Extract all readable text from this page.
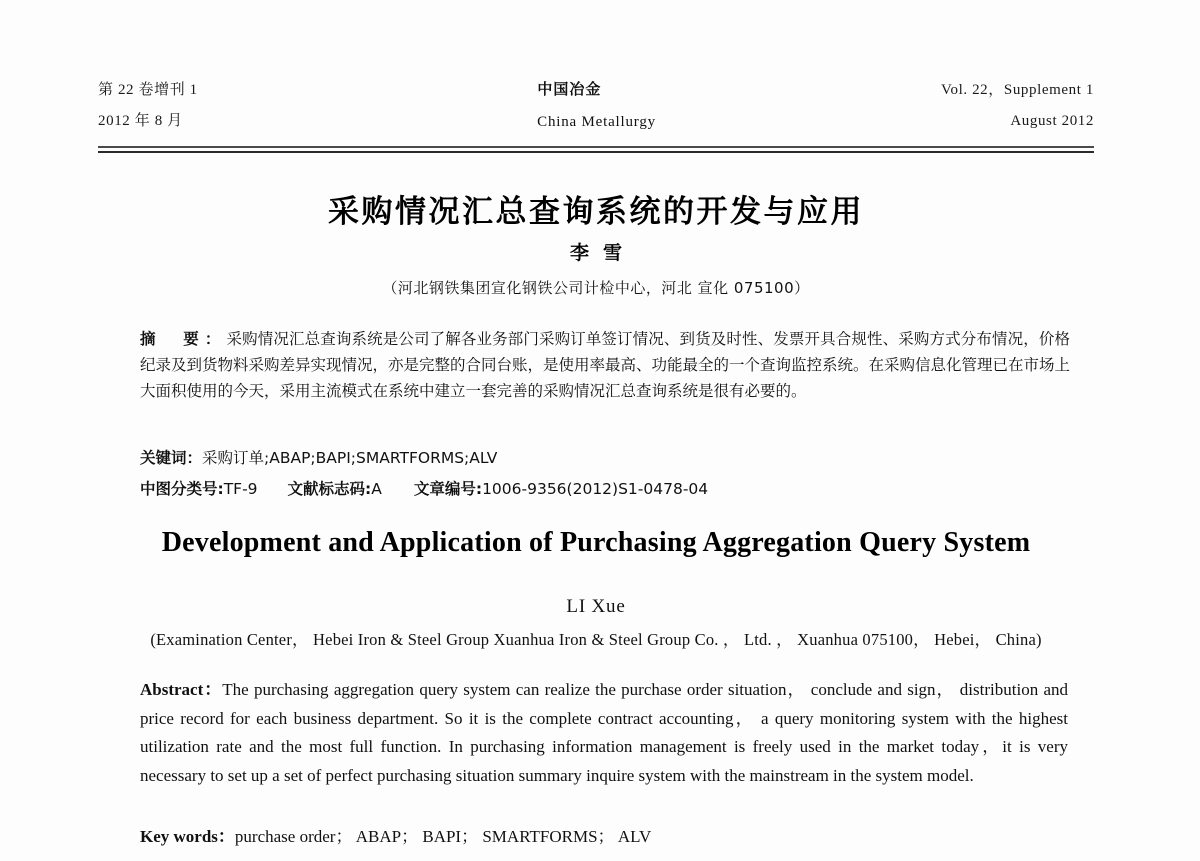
第 22 卷增刊 1	中国冶金	Vol. 22，Supplement 1
2012 年 8 月	China Metallurgy	August 2012
采购情况汇总查询系统的开发与应用
李雪
（河北钢铁集团宣化钢铁公司计检中心，河北 宣化 075100）

摘　要：采购情况汇总查询系统是公司了解各业务部门采购订单签订情况、到货及时性、发票开具合规性、采购方式分布情况，价格纪录及到货物料采购差异实现情况，亦是完整的合同台账，是使用率最高、功能最全的一个查询监控系统。在采购信息化管理已在市场上大面积使用的今天，采用主流模式在系统中建立一套完善的采购情况汇总查询系统是很有必要的。

关键词：采购订单;ABAP;BAPI;SMARTFORMS;ALV
中图分类号:TF-9 文献标志码:A 文章编号:1006-9356(2012)S1-0478-04
Development and Application of Purchasing Aggregation Query System
LI Xue
(Examination Center， Hebei Iron & Steel Group Xuanhua Iron & Steel Group Co. ， Ltd. ， Xuanhua 075100， Hebei， China)

Abstract：The purchasing aggregation query system can realize the purchase order situation， conclude and sign， distribution and price record for each business department. So it is the complete contract accounting， a query monitoring system with the highest utilization rate and the most full function. In purchasing information management is freely used in the market today，it is very necessary to set up a set of perfect purchasing situation summary inquire system with the mainstream in the system model.

Key words：purchase order； ABAP； BAPI； SMARTFORMS； ALV
